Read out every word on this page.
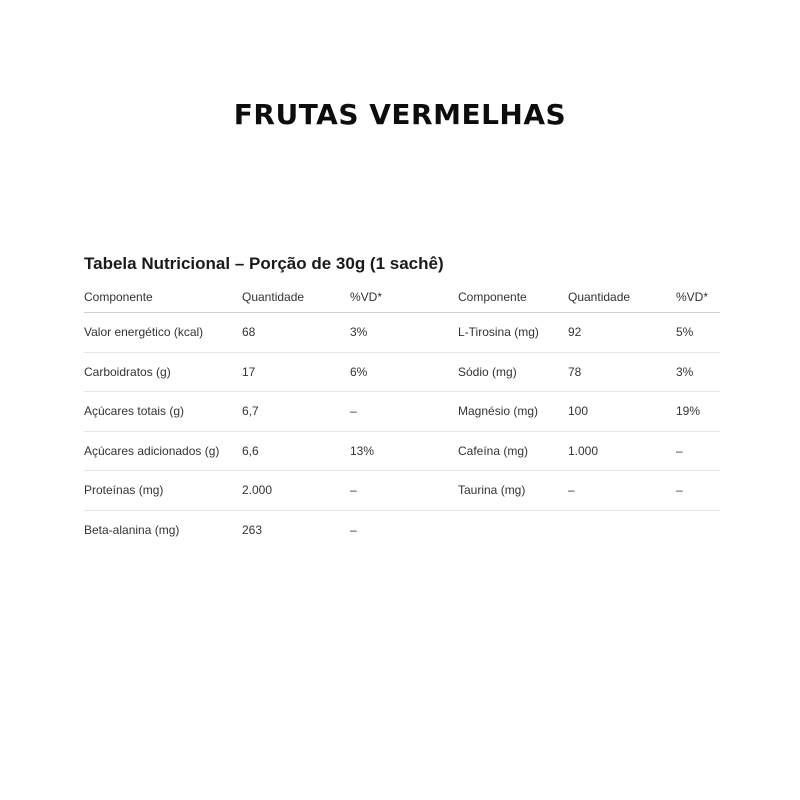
FRUTAS VERMELHAS
Tabela Nutricional – Porção de 30g (1 sachê)
Componente	Quantidade	%VD*	Componente	Quantidade	%VD*
Valor energético (kcal)	68	3%	L-Tirosina (mg) 92	5%
Carboidratos (g)	17	6%	Sódio (mg)	78	3%
Açúcares totais (g)	6,7	–	Magnésio (mg) 100	19%
Açúcares adicionados (g) 6,6	13%	Cafeína (mg)	1.000	–
Proteínas (mg)	2.000	–	Taurina (mg)	–	–
Beta-alanina (mg)	263	–
